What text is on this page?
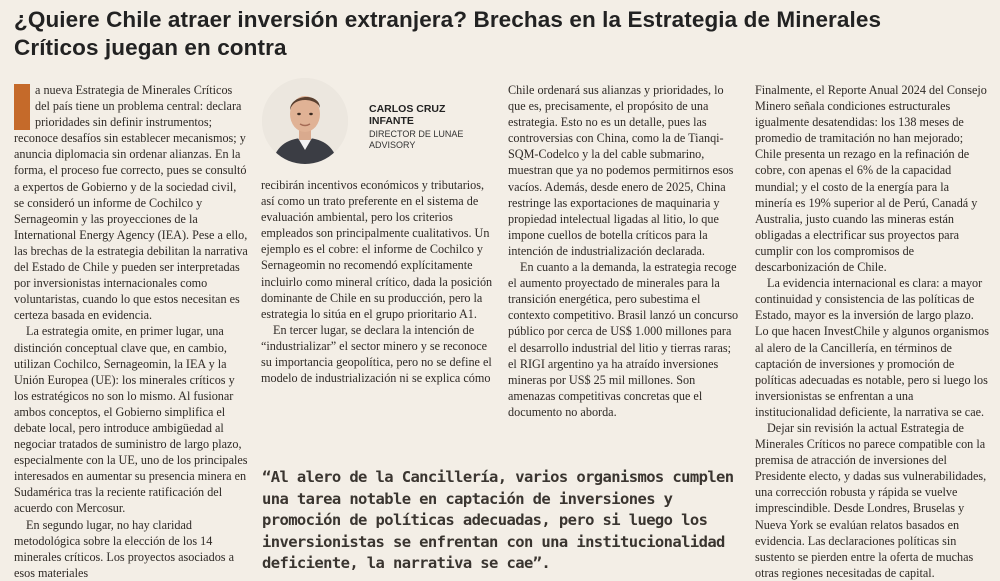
¿Quiere Chile atraer inversión extranjera? Brechas en la Estrategia de Minerales Críticos juegan en contra

a nueva Estrategia de Minerales Críticos del país tiene un problema central: declara prioridades sin definir instrumentos; reconoce desafíos sin establecer mecanismos; y anuncia diplomacia sin ordenar alianzas. En la forma, el proceso fue correcto, pues se consultó a expertos de Gobierno y de la sociedad civil, se consideró un informe de Cochilco y Sernageomin y las proyecciones de la International Energy Agency (IEA). Pese a ello, las brechas de la estrategia debilitan la narrativa del Estado de Chile y pueden ser interpretadas por inversionistas internacionales como voluntaristas, cuando lo que estos necesitan es certeza basada en evidencia.

La estrategia omite, en primer lugar, una distinción conceptual clave que, en cambio, utilizan Cochilco, Sernageomin, la IEA y la Unión Europea (UE): los minerales críticos y los estratégicos no son lo mismo. Al fusionar ambos conceptos, el Gobierno simplifica el debate local, pero introduce ambigüedad al negociar tratados de suministro de largo plazo, especialmente con la UE, uno de los principales interesados en aumentar su presencia minera en Sudamérica tras la reciente ratificación del acuerdo con Mercosur.

En segundo lugar, no hay claridad metodológica sobre la elección de los 14 minerales críticos. Los proyectos asociados a esos materiales

CARLOS CRUZ INFANTE
DIRECTOR DE LUNAE ADVISORY

recibirán incentivos económicos y tributarios, así como un trato preferente en el sistema de evaluación ambiental, pero los criterios empleados son principalmente cualitativos. Un ejemplo es el cobre: el informe de Cochilco y Sernageomin no recomendó explícitamente incluirlo como mineral crítico, dada la posición dominante de Chile en su producción, pero la estrategia lo sitúa en el grupo prioritario A1.

En tercer lugar, se declara la intención de “industrializar” el sector minero y se reconoce su importancia geopolítica, pero no se define el modelo de industrialización ni se explica cómo

Chile ordenará sus alianzas y prioridades, lo que es, precisamente, el propósito de una estrategia. Esto no es un detalle, pues las controversias con China, como la de Tianqi-SQM-Codelco y la del cable submarino, muestran que ya no podemos permitirnos esos vacíos. Además, desde enero de 2025, China restringe las exportaciones de maquinaria y propiedad intelectual ligadas al litio, lo que impone cuellos de botella críticos para la intención de industrialización declarada.

En cuanto a la demanda, la estrategia recoge el aumento proyectado de minerales para la transición energética, pero subestima el contexto competitivo. Brasil lanzó un concurso público por cerca de US$ 1.000 millones para el desarrollo industrial del litio y tierras raras; el RIGI argentino ya ha atraído inversiones mineras por US$ 25 mil millones. Son amenazas competitivas concretas que el documento no aborda.

Finalmente, el Reporte Anual 2024 del Consejo Minero señala condiciones estructurales igualmente desatendidas: los 138 meses de promedio de tramitación no han mejorado; Chile presenta un rezago en la refinación de cobre, con apenas el 6% de la capacidad mundial; y el costo de la energía para la minería es 19% superior al de Perú, Canadá y Australia, justo cuando las mineras están obligadas a electrificar sus proyectos para cumplir con los compromisos de descarbonización de Chile.

La evidencia internacional es clara: a mayor continuidad y consistencia de las políticas de Estado, mayor es la inversión de largo plazo. Lo que hacen InvestChile y algunos organismos al alero de la Cancillería, en términos de captación de inversiones y promoción de políticas adecuadas es notable, pero si luego los inversionistas se enfrentan a una institucionalidad deficiente, la narrativa se cae.

Dejar sin revisión la actual Estrategia de Minerales Críticos no parece compatible con la premisa de atracción de inversiones del Presidente electo, y dadas sus vulnerabilidades, una corrección robusta y rápida se vuelve imprescindible. Desde Londres, Bruselas y Nueva York se evalúan relatos basados en evidencia. Las declaraciones políticas sin sustento se pierden entre la oferta de muchas otras regiones necesitadas de capital.

“Al alero de la Cancillería, varios organismos cumplen una tarea notable en captación de inversiones y promoción de políticas adecuadas, pero si luego los inversionistas se enfrentan con una institucionalidad deficiente, la narrativa se cae”.
